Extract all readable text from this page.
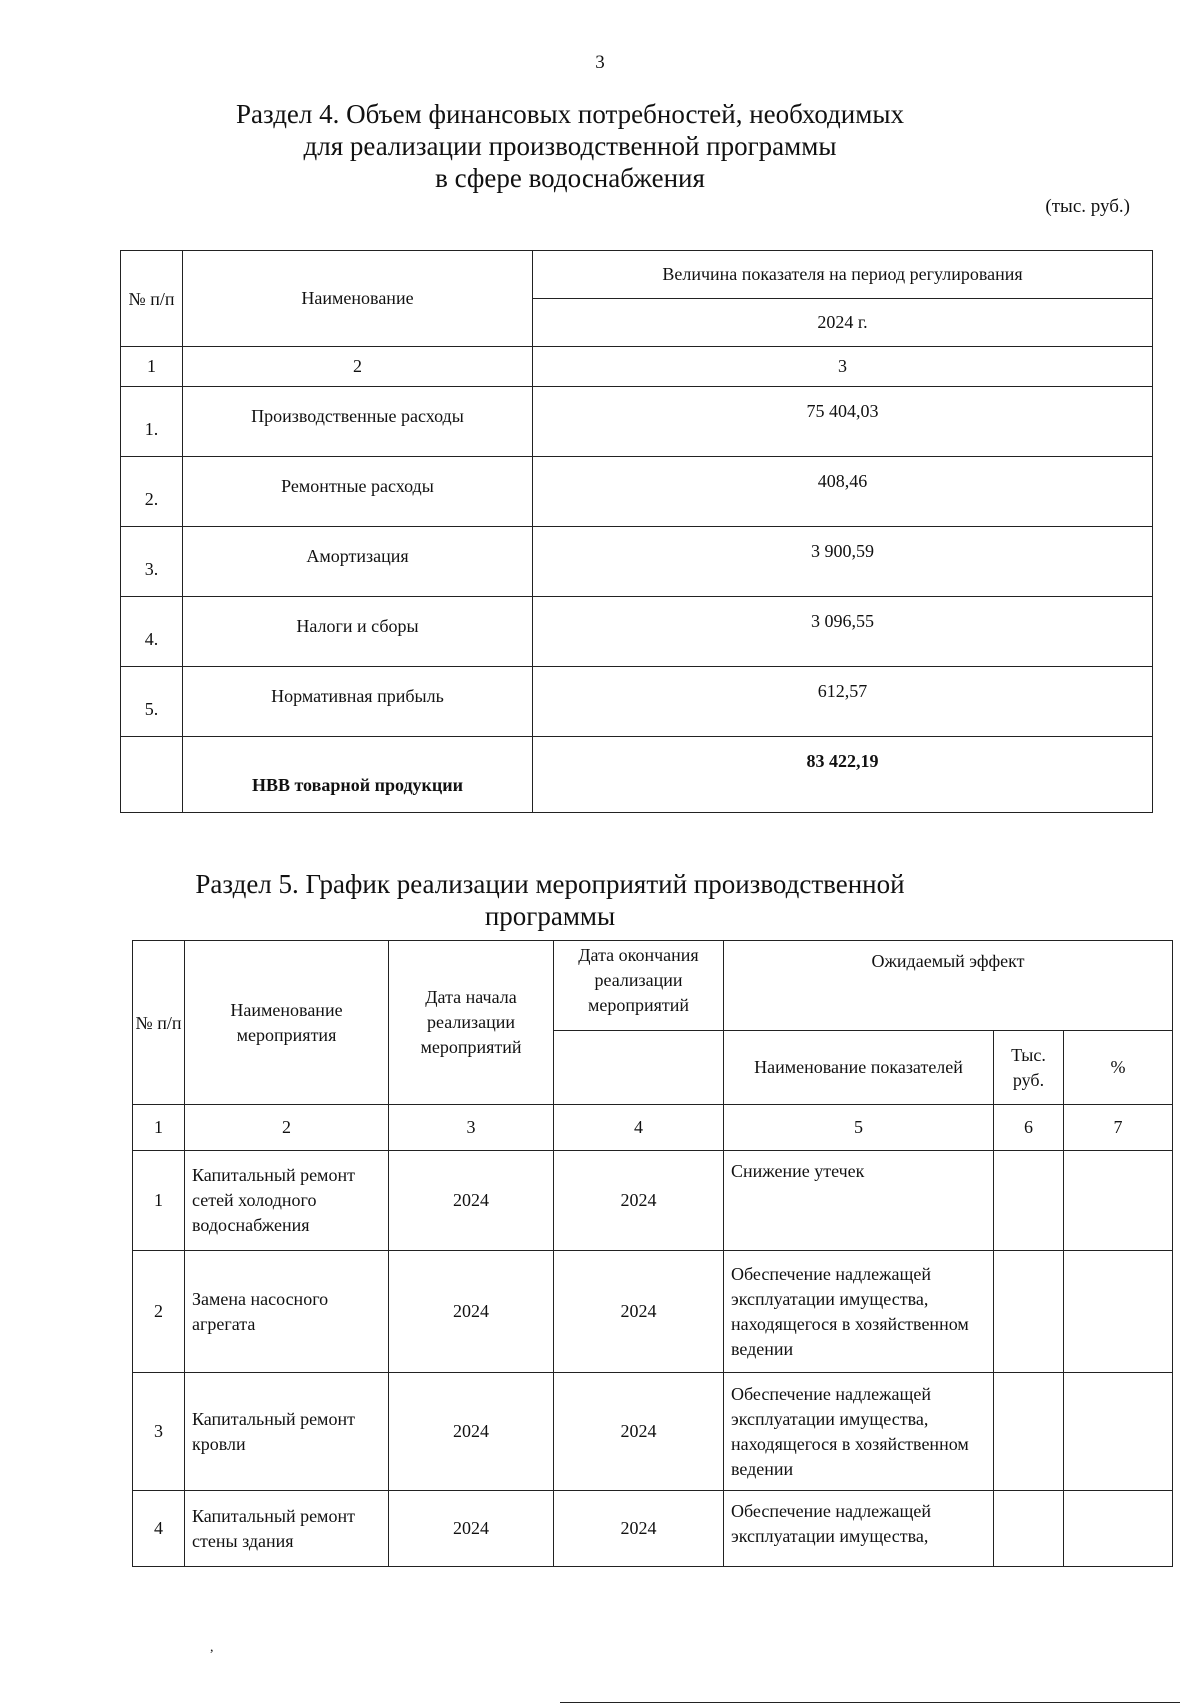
3
Раздел 4. Объем финансовых потребностей, необходимых
для реализации производственной программы
в сфере водоснабжения
(тыс. руб.)
№ п/п	Наименование	Величина показателя на период регулирования
		2024 г.
1	2	3
1.	Производственные расходы	75 404,03
2.	Ремонтные расходы	408,46
3.	Амортизация	3 900,59
4.	Налоги и сборы	3 096,55
5.	Нормативная прибыль	612,57
	НВВ товарной продукции	83 422,19
Раздел 5. График реализации мероприятий производственной
программы
№ п/п	Наименование мероприятия	Дата начала реализации мероприятий	Дата окончания реализации мероприятий	Ожидаемый эффект		
				Наименование показателей	Тыс. руб.	%
1	2	3	4	5	6	7
1	Капитальный ремонт сетей холодного водоснабжения	2024	2024	Снижение утечек		
2	Замена насосного агрегата	2024	2024	Обеспечение надлежащей эксплуатации имущества, находящегося в хозяйственном ведении		
3	Капитальный ремонт кровли	2024	2024	Обеспечение надлежащей эксплуатации имущества, находящегося в хозяйственном ведении		
4	Капитальный ремонт стены здания	2024	2024	Обеспечение надлежащей эксплуатации имущества,		
,
